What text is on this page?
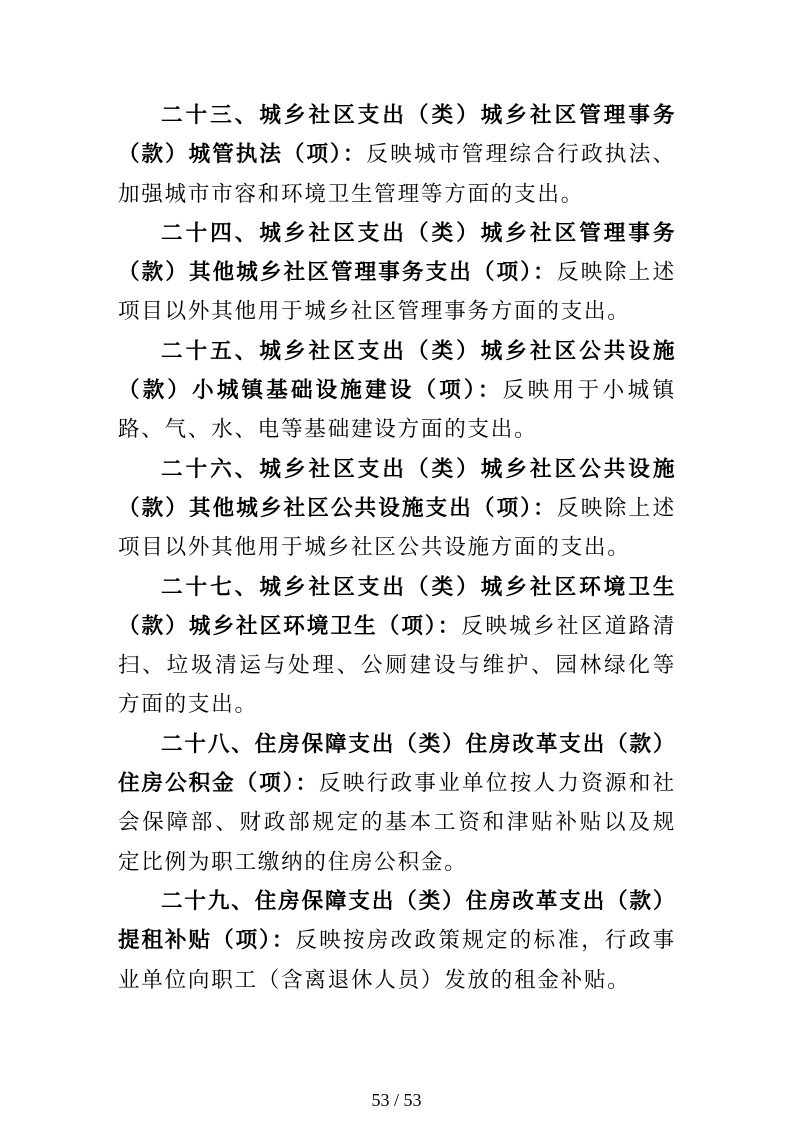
二十三、城乡社区支出（类）城乡社区管理事务（款）城管执法（项）：反映城市管理综合行政执法、加强城市市容和环境卫生管理等方面的支出。

二十四、城乡社区支出（类）城乡社区管理事务（款）其他城乡社区管理事务支出（项）：反映除上述项目以外其他用于城乡社区管理事务方面的支出。

二十五、城乡社区支出（类）城乡社区公共设施（款）小城镇基础设施建设（项）：反映用于小城镇路、气、水、电等基础建设方面的支出。

二十六、城乡社区支出（类）城乡社区公共设施（款）其他城乡社区公共设施支出（项）：反映除上述项目以外其他用于城乡社区公共设施方面的支出。

二十七、城乡社区支出（类）城乡社区环境卫生（款）城乡社区环境卫生（项）：反映城乡社区道路清扫、垃圾清运与处理、公厕建设与维护、园林绿化等方面的支出。

二十八、住房保障支出（类）住房改革支出（款）住房公积金（项）：反映行政事业单位按人力资源和社会保障部、财政部规定的基本工资和津贴补贴以及规定比例为职工缴纳的住房公积金。

二十九、住房保障支出（类）住房改革支出（款）提租补贴（项）：反映按房改政策规定的标准，行政事业单位向职工（含离退休人员）发放的租金补贴。

53 / 53
